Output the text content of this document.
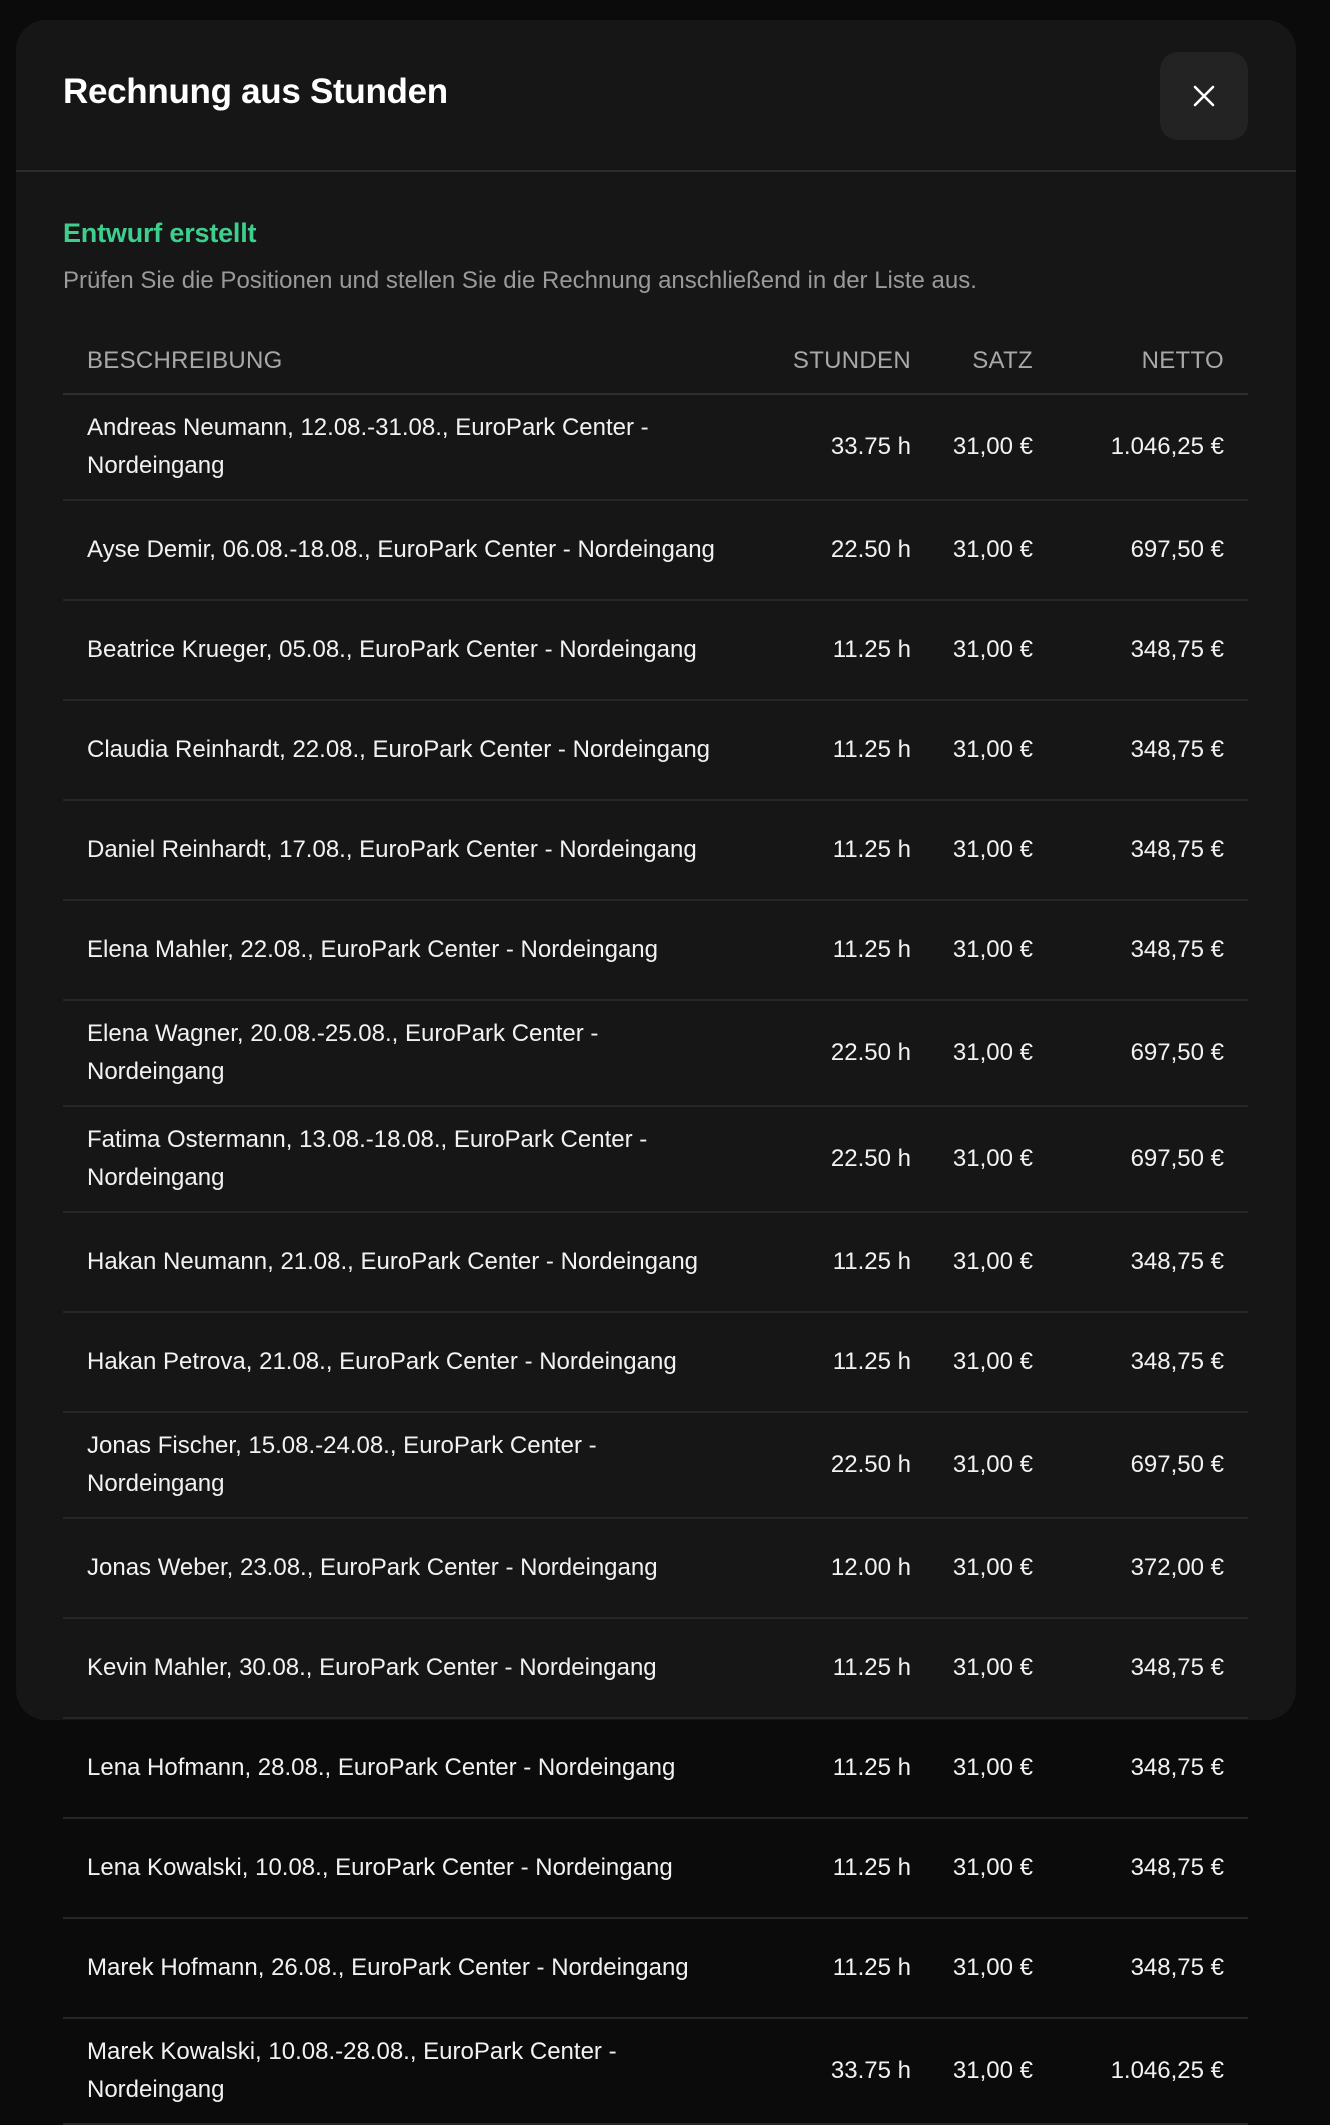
Rechnung aus Stunden
Entwurf erstellt
Prüfen Sie die Positionen und stellen Sie die Rechnung anschließend in der Liste aus.
BESCHREIBUNG	STUNDEN	SATZ	NETTO
Andreas Neumann, 12.08.-31.08., EuroPark Center - Nordeingang	33.75 h	31,00 €	1.046,25 €
Ayse Demir, 06.08.-18.08., EuroPark Center - Nordeingang	22.50 h	31,00 €	697,50 €
Beatrice Krueger, 05.08., EuroPark Center - Nordeingang	11.25 h	31,00 €	348,75 €
Claudia Reinhardt, 22.08., EuroPark Center - Nordeingang	11.25 h	31,00 €	348,75 €
Daniel Reinhardt, 17.08., EuroPark Center - Nordeingang	11.25 h	31,00 €	348,75 €
Elena Mahler, 22.08., EuroPark Center - Nordeingang	11.25 h	31,00 €	348,75 €
Elena Wagner, 20.08.-25.08., EuroPark Center - Nordeingang	22.50 h	31,00 €	697,50 €
Fatima Ostermann, 13.08.-18.08., EuroPark Center - Nordeingang	22.50 h	31,00 €	697,50 €
Hakan Neumann, 21.08., EuroPark Center - Nordeingang	11.25 h	31,00 €	348,75 €
Hakan Petrova, 21.08., EuroPark Center - Nordeingang	11.25 h	31,00 €	348,75 €
Jonas Fischer, 15.08.-24.08., EuroPark Center - Nordeingang	22.50 h	31,00 €	697,50 €
Jonas Weber, 23.08., EuroPark Center - Nordeingang	12.00 h	31,00 €	372,00 €
Kevin Mahler, 30.08., EuroPark Center - Nordeingang	11.25 h	31,00 €	348,75 €
Lena Hofmann, 28.08., EuroPark Center - Nordeingang	11.25 h	31,00 €	348,75 €
Lena Kowalski, 10.08., EuroPark Center - Nordeingang	11.25 h	31,00 €	348,75 €
Marek Hofmann, 26.08., EuroPark Center - Nordeingang	11.25 h	31,00 €	348,75 €
Marek Kowalski, 10.08.-28.08., EuroPark Center - Nordeingang	33.75 h	31,00 €	1.046,25 €
